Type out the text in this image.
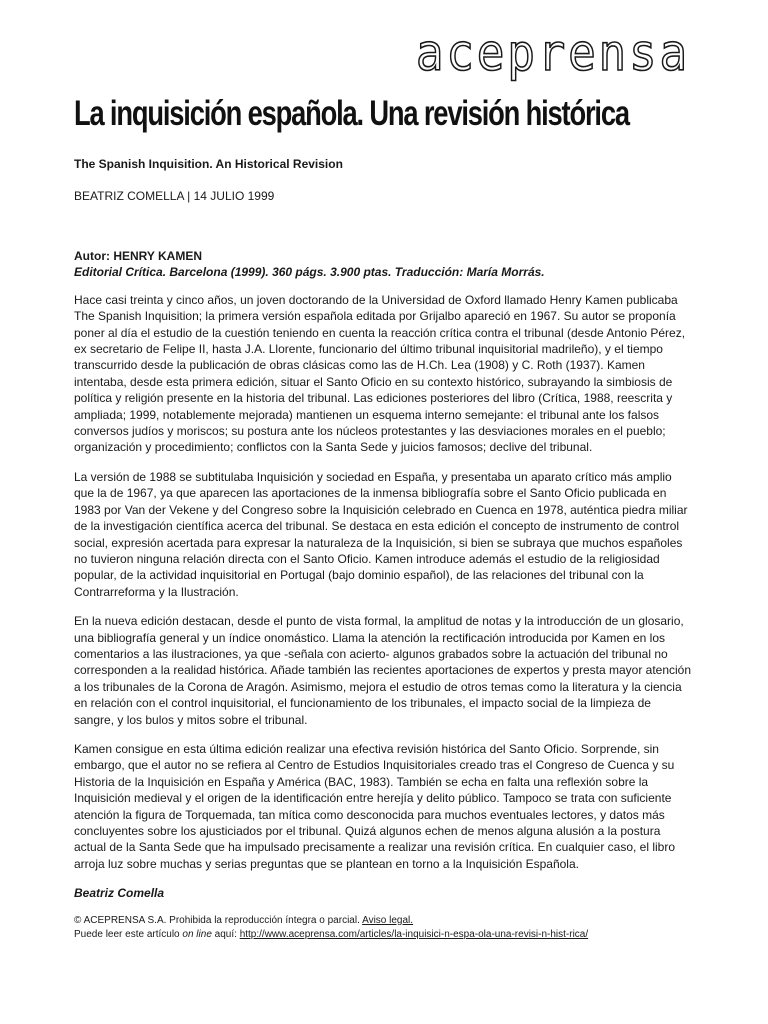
aceprensa
La inquisición española. Una revisión histórica
The Spanish Inquisition. An Historical Revision
BEATRIZ COMELLA | 14 JULIO 1999
Autor: HENRY KAMEN
Editorial Crítica. Barcelona (1999). 360 págs. 3.900 ptas. Traducción: María Morrás.

Hace casi treinta y cinco años, un joven doctorando de la Universidad de Oxford llamado Henry Kamen publicaba The Spanish Inquisition; la primera versión española editada por Grijalbo apareció en 1967. Su autor se proponía poner al día el estudio de la cuestión teniendo en cuenta la reacción crítica contra el tribunal (desde Antonio Pérez, ex secretario de Felipe II, hasta J.A. Llorente, funcionario del último tribunal inquisitorial madrileño), y el tiempo transcurrido desde la publicación de obras clásicas como las de H.Ch. Lea (1908) y C. Roth (1937). Kamen intentaba, desde esta primera edición, situar el Santo Oficio en su contexto histórico, subrayando la simbiosis de política y religión presente en la historia del tribunal. Las ediciones posteriores del libro (Crítica, 1988, reescrita y ampliada; 1999, notablemente mejorada) mantienen un esquema interno semejante: el tribunal ante los falsos conversos judíos y moriscos; su postura ante los núcleos protestantes y las desviaciones morales en el pueblo; organización y procedimiento; conflictos con la Santa Sede y juicios famosos; declive del tribunal.

La versión de 1988 se subtitulaba Inquisición y sociedad en España, y presentaba un aparato crítico más amplio que la de 1967, ya que aparecen las aportaciones de la inmensa bibliografía sobre el Santo Oficio publicada en 1983 por Van der Vekene y del Congreso sobre la Inquisición celebrado en Cuenca en 1978, auténtica piedra miliar de la investigación científica acerca del tribunal. Se destaca en esta edición el concepto de instrumento de control social, expresión acertada para expresar la naturaleza de la Inquisición, si bien se subraya que muchos españoles no tuvieron ninguna relación directa con el Santo Oficio. Kamen introduce además el estudio de la religiosidad popular, de la actividad inquisitorial en Portugal (bajo dominio español), de las relaciones del tribunal con la Contrarreforma y la Ilustración.

En la nueva edición destacan, desde el punto de vista formal, la amplitud de notas y la introducción de un glosario, una bibliografía general y un índice onomástico. Llama la atención la rectificación introducida por Kamen en los comentarios a las ilustraciones, ya que -señala con acierto- algunos grabados sobre la actuación del tribunal no corresponden a la realidad histórica. Añade también las recientes aportaciones de expertos y presta mayor atención a los tribunales de la Corona de Aragón. Asimismo, mejora el estudio de otros temas como la literatura y la ciencia en relación con el control inquisitorial, el funcionamiento de los tribunales, el impacto social de la limpieza de sangre, y los bulos y mitos sobre el tribunal.

Kamen consigue en esta última edición realizar una efectiva revisión histórica del Santo Oficio. Sorprende, sin embargo, que el autor no se refiera al Centro de Estudios Inquisitoriales creado tras el Congreso de Cuenca y su Historia de la Inquisición en España y América (BAC, 1983). También se echa en falta una reflexión sobre la Inquisición medieval y el origen de la identificación entre herejía y delito público. Tampoco se trata con suficiente atención la figura de Torquemada, tan mítica como desconocida para muchos eventuales lectores, y datos más concluyentes sobre los ajusticiados por el tribunal. Quizá algunos echen de menos alguna alusión a la postura actual de la Santa Sede que ha impulsado precisamente a realizar una revisión crítica. En cualquier caso, el libro arroja luz sobre muchas y serias preguntas que se plantean en torno a la Inquisición Española.

Beatriz Comella
© ACEPRENSA S.A. Prohibida la reproducción íntegra o parcial. Aviso legal.
Puede leer este artículo on line aquí: http://www.aceprensa.com/articles/la-inquisici-n-espa-ola-una-revisi-n-hist-rica/
